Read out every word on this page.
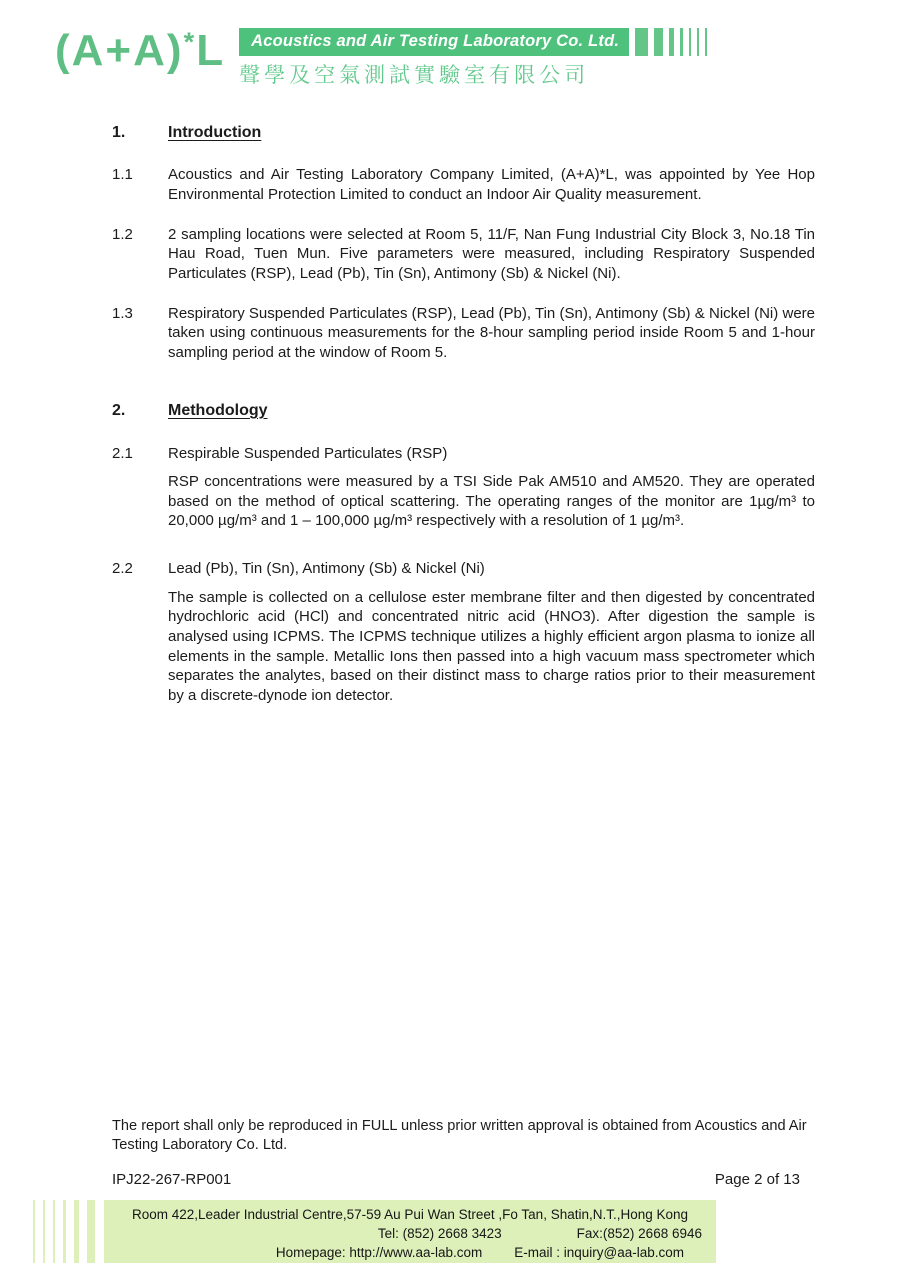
(A+A)*L	Acoustics and Air Testing Laboratory Co. Ltd.
聲學及空氣測試實驗室有限公司
1.	Introduction
1.1	Acoustics and Air Testing Laboratory Company Limited, (A+A)*L, was appointed by Yee Hop Environmental Protection Limited to conduct an Indoor Air Quality measurement.

1.2	2 sampling locations were selected at Room 5, 11/F, Nan Fung Industrial City Block 3, No.18 Tin Hau Road, Tuen Mun. Five parameters were measured, including Respiratory Suspended Particulates (RSP), Lead (Pb), Tin (Sn), Antimony (Sb) & Nickel (Ni).

1.3	Respiratory Suspended Particulates (RSP), Lead (Pb), Tin (Sn), Antimony (Sb) & Nickel (Ni) were taken using continuous measurements for the 8-hour sampling period inside Room 5 and 1-hour sampling period at the window of Room 5.

2.	Methodology
2.1	Respirable Suspended Particulates (RSP)

RSP concentrations were measured by a TSI Side Pak AM510 and AM520. They are operated based on the method of optical scattering. The operating ranges of the monitor are 1µg/m³ to 20,000 µg/m³ and 1 – 100,000 µg/m³ respectively with a resolution of 1 µg/m³.

2.2	Lead (Pb), Tin (Sn), Antimony (Sb) & Nickel (Ni)

The sample is collected on a cellulose ester membrane filter and then digested by concentrated hydrochloric acid (HCl) and concentrated nitric acid (HNO3). After digestion the sample is analysed using ICPMS. The ICPMS technique utilizes a highly efficient argon plasma to ionize all elements in the sample. Metallic Ions then passed into a high vacuum mass spectrometer which separates the analytes, based on their distinct mass to charge ratios prior to their measurement by a discrete-dynode ion detector.

The report shall only be reproduced in FULL unless prior written approval is obtained from Acoustics and Air Testing Laboratory Co. Ltd.

IPJ22-267-RP001	Page 2 of 13
Room 422,Leader Industrial Centre,57-59 Au Pui Wan Street ,Fo Tan, Shatin,N.T.,Hong Kong
Tel: (852) 2668 3423	Fax:(852) 2668 6946
Homepage: http://www.aa-lab.com E-mail : inquiry@aa-lab.com
